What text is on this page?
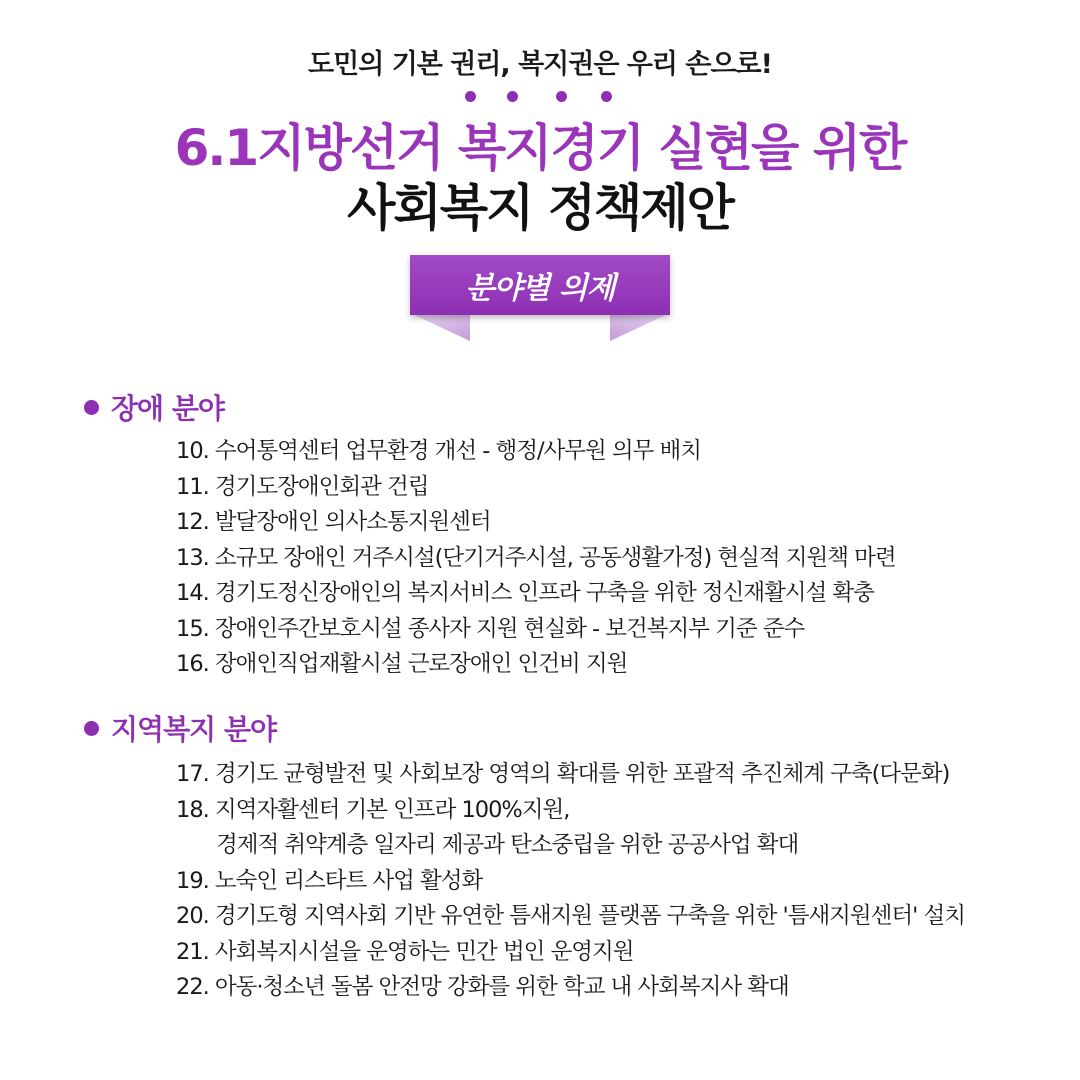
도민의 기본 권리, 복지권은 우리 손으로!
6.1지방선거 복지경기 실현을 위한
사회복지 정책제안
분야별 의제
장애 분야
10. 수어통역센터 업무환경 개선 - 행정/사무원 의무 배치
11. 경기도장애인회관 건립
12. 발달장애인 의사소통지원센터
13. 소규모 장애인 거주시설(단기거주시설, 공동생활가정) 현실적 지원책 마련
14. 경기도정신장애인의 복지서비스 인프라 구축을 위한 정신재활시설 확충
15. 장애인주간보호시설 종사자 지원 현실화 - 보건복지부 기준 준수
16. 장애인직업재활시설 근로장애인 인건비 지원
지역복지 분야
17. 경기도 균형발전 및 사회보장 영역의 확대를 위한 포괄적 추진체계 구축(다문화)
18. 지역자활센터 기본 인프라 100%지원,
경제적 취약계층 일자리 제공과 탄소중립을 위한 공공사업 확대
19. 노숙인 리스타트 사업 활성화
20. 경기도형 지역사회 기반 유연한 틈새지원 플랫폼 구축을 위한 '틈새지원센터' 설치
21. 사회복지시설을 운영하는 민간 법인 운영지원
22. 아동·청소년 돌봄 안전망 강화를 위한 학교 내 사회복지사 확대
